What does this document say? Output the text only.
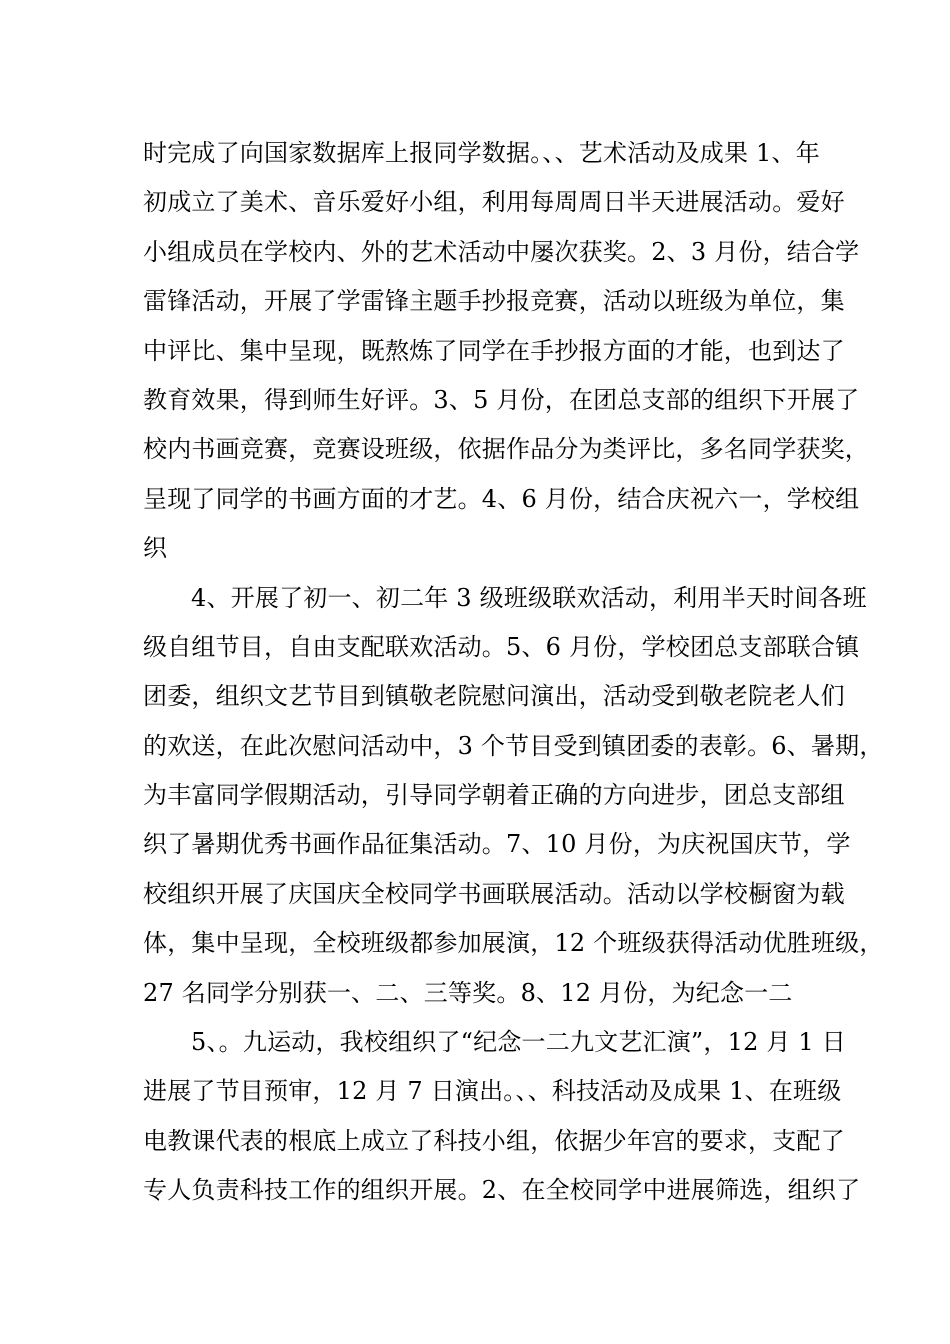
时完成了向国家数据库上报同学数据。、、艺术活动及成果 1、年
初成立了美术、音乐爱好小组，利用每周周日半天进展活动。爱好
小组成员在学校内、外的艺术活动中屡次获奖。2、3 月份，结合学
雷锋活动，开展了学雷锋主题手抄报竞赛，活动以班级为单位，集
中评比、集中呈现，既熬炼了同学在手抄报方面的才能，也到达了
教育效果，得到师生好评。3、5 月份，在团总支部的组织下开展了
校内书画竞赛，竞赛设班级，依据作品分为类评比，多名同学获奖，
呈现了同学的书画方面的才艺。4、6 月份，结合庆祝六一，学校组
织
4、开展了初一、初二年 3 级班级联欢活动，利用半天时间各班
级自组节目，自由支配联欢活动。5、6 月份，学校团总支部联合镇
团委，组织文艺节目到镇敬老院慰问演出，活动受到敬老院老人们
的欢送，在此次慰问活动中，3 个节目受到镇团委的表彰。6、暑期，
为丰富同学假期活动，引导同学朝着正确的方向进步，团总支部组
织了暑期优秀书画作品征集活动。7、10 月份，为庆祝国庆节，学
校组织开展了庆国庆全校同学书画联展活动。活动以学校橱窗为载
体，集中呈现，全校班级都参加展演，12 个班级获得活动优胜班级，
27 名同学分别获一、二、三等奖。8、12 月份，为纪念一二
5、。九运动，我校组织了“纪念一二九文艺汇演”，12 月 1 日
进展了节目预审，12 月 7 日演出。、、科技活动及成果 1、在班级
电教课代表的根底上成立了科技小组，依据少年宫的要求，支配了
专人负责科技工作的组织开展。2、在全校同学中进展筛选，组织了
